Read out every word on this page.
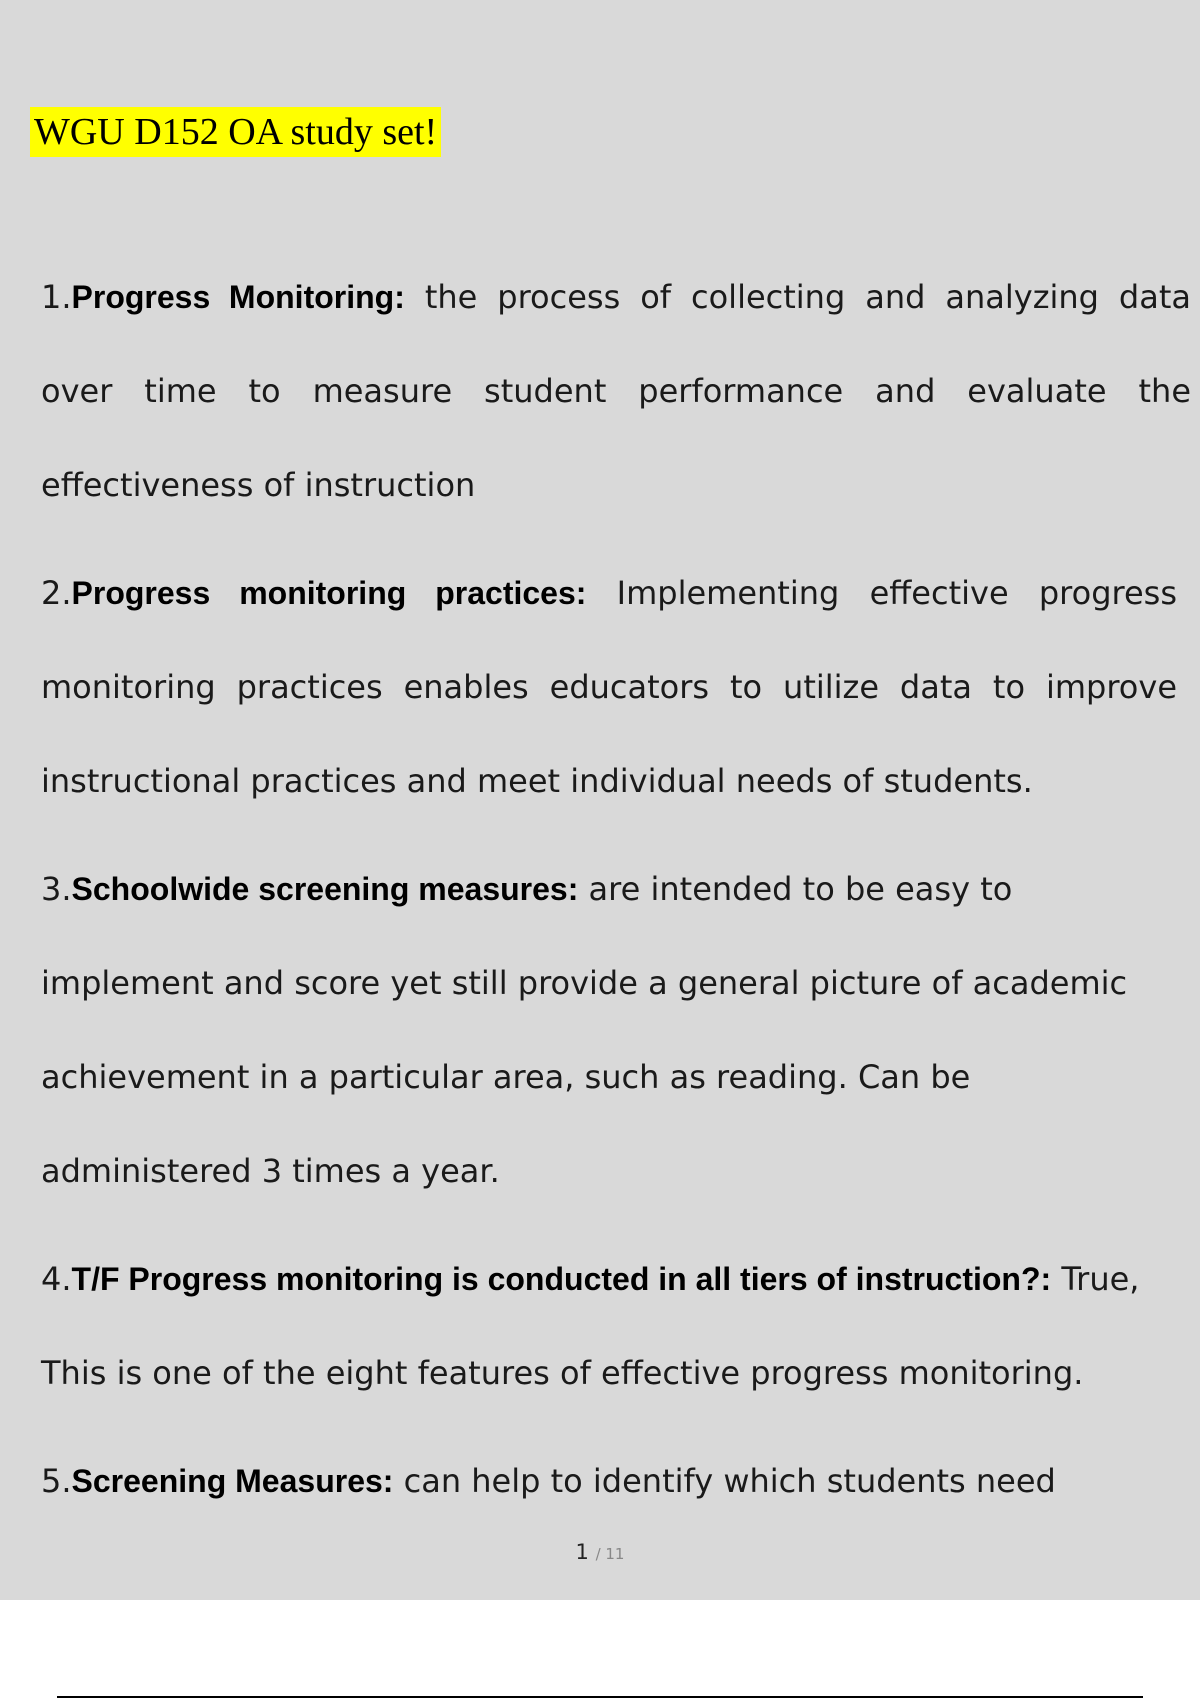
WGU D152 OA study set!
1.Progress Monitoring: the process of collecting and analyzing data over time to measure student performance and evaluate the effectiveness of instruction
2.Progress monitoring practices: Implementing effective progress monitoring practices enables educators to utilize data to improve instructional practices and meet individual needs of students.
3.Schoolwide screening measures: are intended to be easy to implement and score yet still provide a general picture of academic achievement in a particular area, such as reading. Can be administered 3 times a year.
4.T/F Progress monitoring is conducted in all tiers of instruction?: True, This is one of the eight features of effective progress monitoring.
5.Screening Measures: can help to identify which students need
1 / 11
